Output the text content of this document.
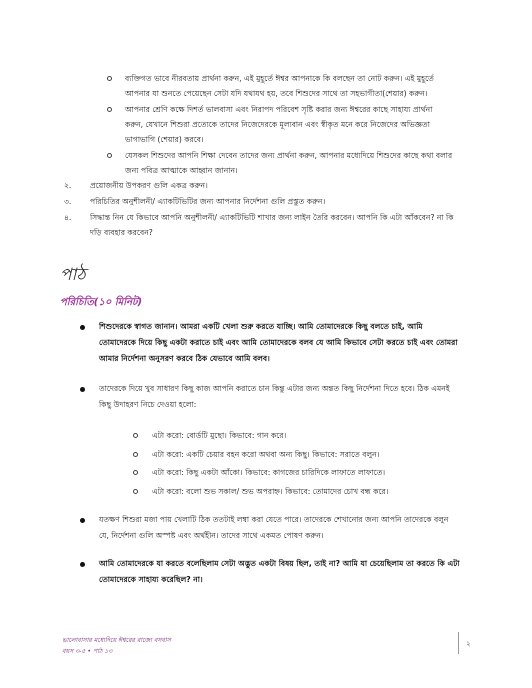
ব্যক্তিগত ভাবে নীরবতায় প্রার্থনা করুন, এই মুহূর্তে ঈশ্বর আপনাকে কি বলছেন তা নোট করুন। এই মুহূর্তে
আপনার যা শুনতে পেয়েছেন সেটা যদি যথাযথ হয়, তবে শিশুদের সাথে তা সহভাগীতা(শেয়ার) করুন।
আপনার শ্রেণি কক্ষে দিশর্ত ভালবাসা এবং নিরাপদ পরিবেশ সৃষ্টি করার জন্য ঈশ্বরের কাছে সাহায্য প্রার্থনা
করুন, যেখানে শিশুরা প্রত্যেকে তাদের নিজেদেরকে মূল্যবান এবং স্বীকৃত মনে করে নিজেদের অভিজ্ঞতা
ভাগাভাগি (শেয়ার) করবে।
যেসকল শিশুদের আপনি শিক্ষা দেবেন তাদের জন্য প্রার্থনা করুন, আপনার মধ্যেদিয়ে শিশুদের কাছে কথা বলার
জন্য পবিত্র আত্মাকে আহ্বান জানান।
২. প্রয়োজনীয় উপকরণ গুলি একত্র করুন।
৩. পরিচিতির অনুশীলনী/ এ্যাকটিভিটির জন্য আপনার নির্দেশনা গুলি প্রস্তুত করুন।
৪. সিদ্ধান্ত নিন যে কিভাবে আপনি অনুশীলনী/ এ্যাকটিভিটি শাখার জন্য লাইন তৈরি করবেন। আপনি কি এটা আঁকবেন? না কি
দড়ি ব্যবহার করবেন?
পাঠ
পরিচিতি(১০ মিনিট)
শিশুদেরকে স্বাগত জানান। আমরা একটি খেলা শুরু করতে যাচ্ছি। আমি তোমাদেরকে কিছু বলতে চাই, আমি
তোমাদেরকে দিয়ে কিছু একটা করাতে চাই এবং আমি তোমাদেরকে বলব যে আমি কিভাবে সেটা করতে চাই এবং তোমরা
আমার নির্দেশনা অনুসরণ করবে ঠিক যেভাবে আমি বলব।
তাদেরকে দিয়ে খুব সাধারণ কিছু কাজ আপনি করাতে চান কিন্তু এটার জন্য অন্তত কিছু নির্দেশনা দিতে হবে। ঠিক এমনই
কিছু উদাহরণ নিচে দেওয়া হলো:
এটা করো: বোর্ডটি মুছো। কিভাবে: গান করে।
এটা করো: একটি চেয়ার বহন করো অথবা অন্য কিছু। কিভাবে: সরাতে বলুন।
এটা করো: কিছু একটা আঁকো। কিভাবে: কাগজের চারিদিকে লাফাতে লাফাতে।
এটা করো: বলো শুভ সকাল/ শুভ অপরাহ্ন। কিভাবে: তোমাদের চোখ বন্ধ করে।
যতক্ষণ শিশুরা মজা পায় খেলাটি ঠিক ততটাই লম্বা করা যেতে পারে। তাদেরকে শেখানোর জন্য আপনি তাদেরকে বলুন
যে, নির্দেশনা গুলি অস্পষ্ট এবং অর্থহীন। তাদের সাথে একমত পোষণ করুন।
আমি তোমাদেরকে যা করতে বলেছিলাম সেটা অদ্ভুত একটা বিষয় ছিল, তাই না? আমি যা চেয়েছিলাম তা করতে কি এটা
তোমাদেরকে সাহায্য করেছিল? না।
ভালোবাসার মধ্যেদিয়ে ঈশ্বরের রাজ্যে বসবাস
বয়স ৩-৫ • পাঠ ১৩
২
